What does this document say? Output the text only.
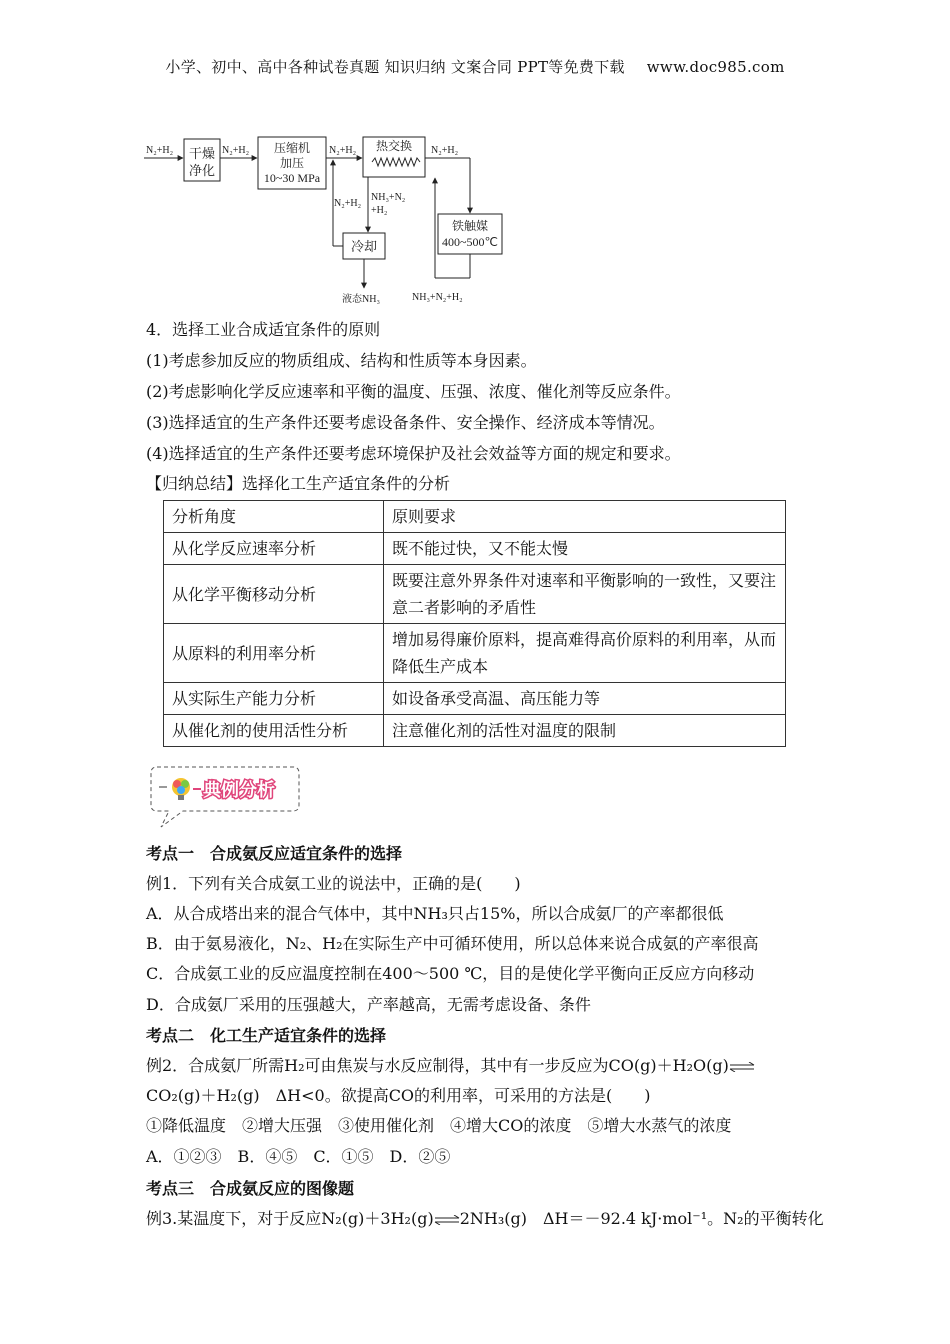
小学、初中、高中各种试卷真题 知识归纳 文案合同 PPT等免费下载 www.doc985.com
N₂+H₂ 干燥
净化
N₂+H₂ 压缩机
加压
10~30 MPa
N₂+H₂ 热交换 N₂+H₂
铁触媒
400~500℃
NH₃+N₂+H₂
NH₃+N₂
+H₂
冷却
N₂+H₂
液态NH₃
4．选择工业合成适宜条件的原则
(1)考虑参加反应的物质组成、结构和性质等本身因素。
(2)考虑影响化学反应速率和平衡的温度、压强、浓度、催化剂等反应条件。
(3)选择适宜的生产条件还要考虑设备条件、安全操作、经济成本等情况。
(4)选择适宜的生产条件还要考虑环境保护及社会效益等方面的规定和要求。
【归纳总结】选择化工生产适宜条件的分析
分析角度	原则要求
从化学反应速率分析	既不能过快，又不能太慢
从化学平衡移动分析	既要注意外界条件对速率和平衡影响的一致性，又要注意二者影响的矛盾性
从原料的利用率分析	增加易得廉价原料，提高难得高价原料的利用率，从而降低生产成本
从实际生产能力分析	如设备承受高温、高压能力等
从催化剂的使用活性分析	注意催化剂的活性对温度的限制
典例分析
考点一　合成氨反应适宜条件的选择
例1．下列有关合成氨工业的说法中，正确的是(　　)
A．从合成塔出来的混合气体中，其中NH₃只占15%，所以合成氨厂的产率都很低
B．由于氨易液化，N₂、H₂在实际生产中可循环使用，所以总体来说合成氨的产率很高
C．合成氨工业的反应温度控制在400～500 ℃，目的是使化学平衡向正反应方向移动
D．合成氨厂采用的压强越大，产率越高，无需考虑设备、条件
考点二　化工生产适宜条件的选择
例2．合成氨厂所需H₂可由焦炭与水反应制得，其中有一步反应为CO(g)＋H₂O(g)⇌
CO₂(g)＋H₂(g)　ΔH<0。欲提高CO的利用率，可采用的方法是(　　)
①降低温度　②增大压强　③使用催化剂　④增大CO的浓度　⑤增大水蒸气的浓度
A．①②③　B．④⑤　C．①⑤　D．②⑤
考点三　合成氨反应的图像题
例3.某温度下，对于反应N₂(g)＋3H₂(g)⇌2NH₃(g)　ΔH＝－92.4 kJ·mol⁻¹。N₂的平衡转化
